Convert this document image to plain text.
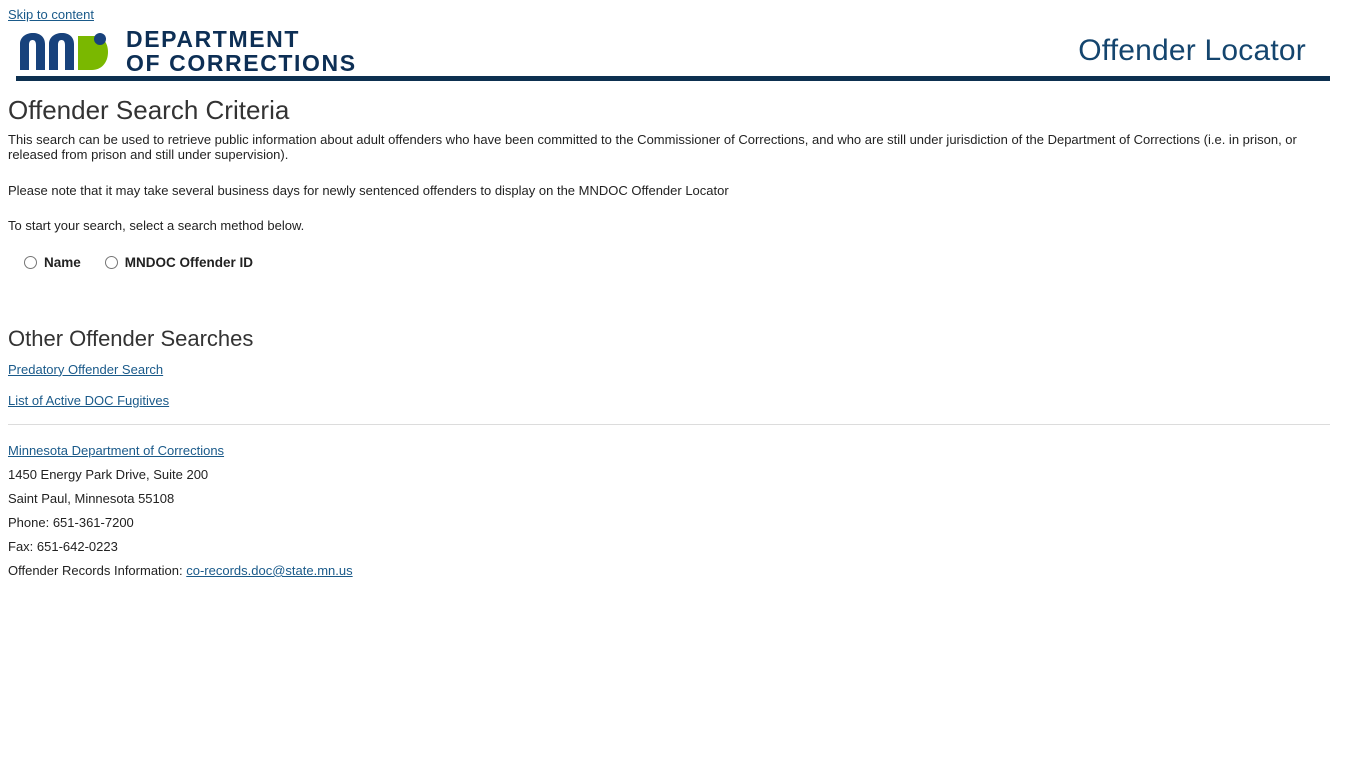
Skip to content
DEPARTMENT
OF CORRECTIONS	Offender Locator
Offender Search Criteria

This search can be used to retrieve public information about adult offenders who have been committed to the Commissioner of Corrections, and who are still under jurisdiction of the Department of Corrections (i.e. in prison, or released from prison and still under supervision).

Please note that it may take several business days for newly sentenced offenders to display on the MNDOC Offender Locator

To start your search, select a search method below.

Name	MNDOC Offender ID
Other Offender Searches
Predatory Offender Search
List of Active DOC Fugitives
Minnesota Department of Corrections
1450 Energy Park Drive, Suite 200
Saint Paul, Minnesota 55108
Phone: 651-361-7200
Fax: 651-642-0223
Offender Records Information: co-records.doc@state.mn.us
